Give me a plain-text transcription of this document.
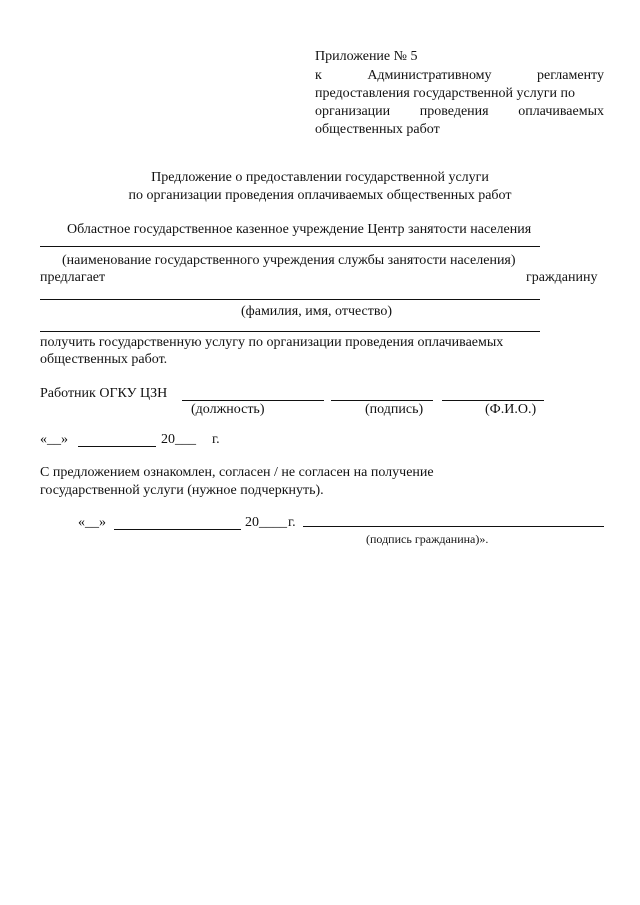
Приложение № 5
к	Административному	регламенту
предоставления государственной услуги по
организации проведения оплачиваемых
общественных работ
Предложение о предоставлении государственной услуги
по организации проведения оплачиваемых общественных работ
Областное государственное казенное учреждение Центр занятости населения
(наименование государственного учреждения службы занятости населения)
предлагает	гражданину
(фамилия, имя, отчество)
получить государственную услугу по организации проведения оплачиваемых
общественных работ.
Работник ОГКУ ЦЗН
(должность)	(подпись)	(Ф.И.О.)
«__»	20___ г.
С предложением ознакомлен, согласен / не согласен на получение
государственной услуги (нужное подчеркнуть).
«__»	20____ г.
(подпись гражданина)».
